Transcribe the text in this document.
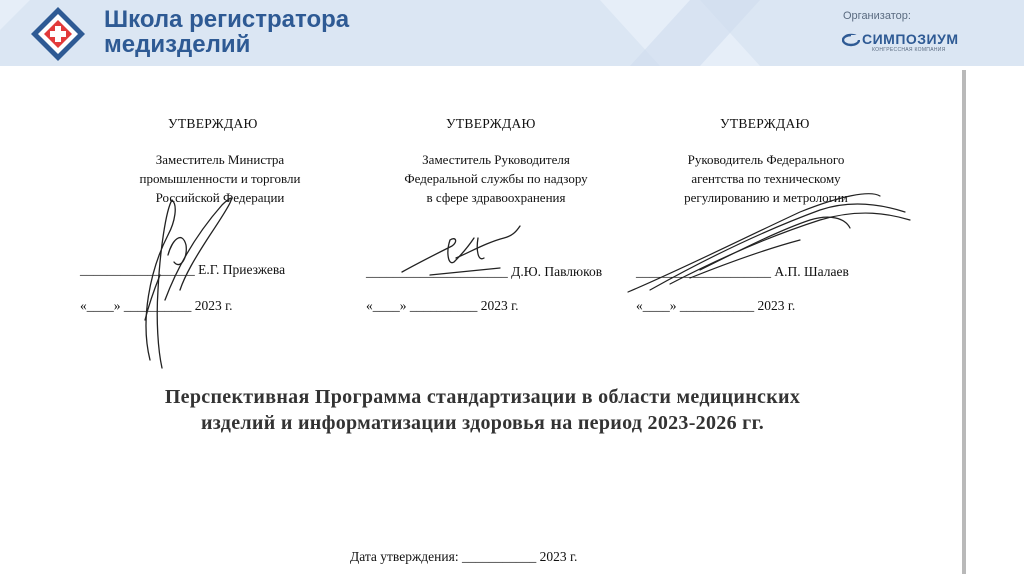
Школа регистратора
медизделий
Организатор:
СИМПОЗИУМ
КОНГРЕССНАЯ КОМПАНИЯ
УТВЕРЖДАЮ
Заместитель Министра
промышленности и торговли
Российской Федерации
_________________ Е.Г. Приезжева
«____» __________ 2023 г.
УТВЕРЖДАЮ
Заместитель Руководителя
Федеральной службы по надзору
в сфере здравоохранения
_____________________ Д.Ю. Павлюков
«____» __________ 2023 г.
УТВЕРЖДАЮ
Руководитель Федерального
агентства по техническому
регулированию и метрологии
____________________ А.П. Шалаев
«____» ___________ 2023 г.
Перспективная Программа стандартизации в области медицинских
изделий и информатизации здоровья на период 2023-2026 гг.
Дата утверждения: ___________ 2023 г.
